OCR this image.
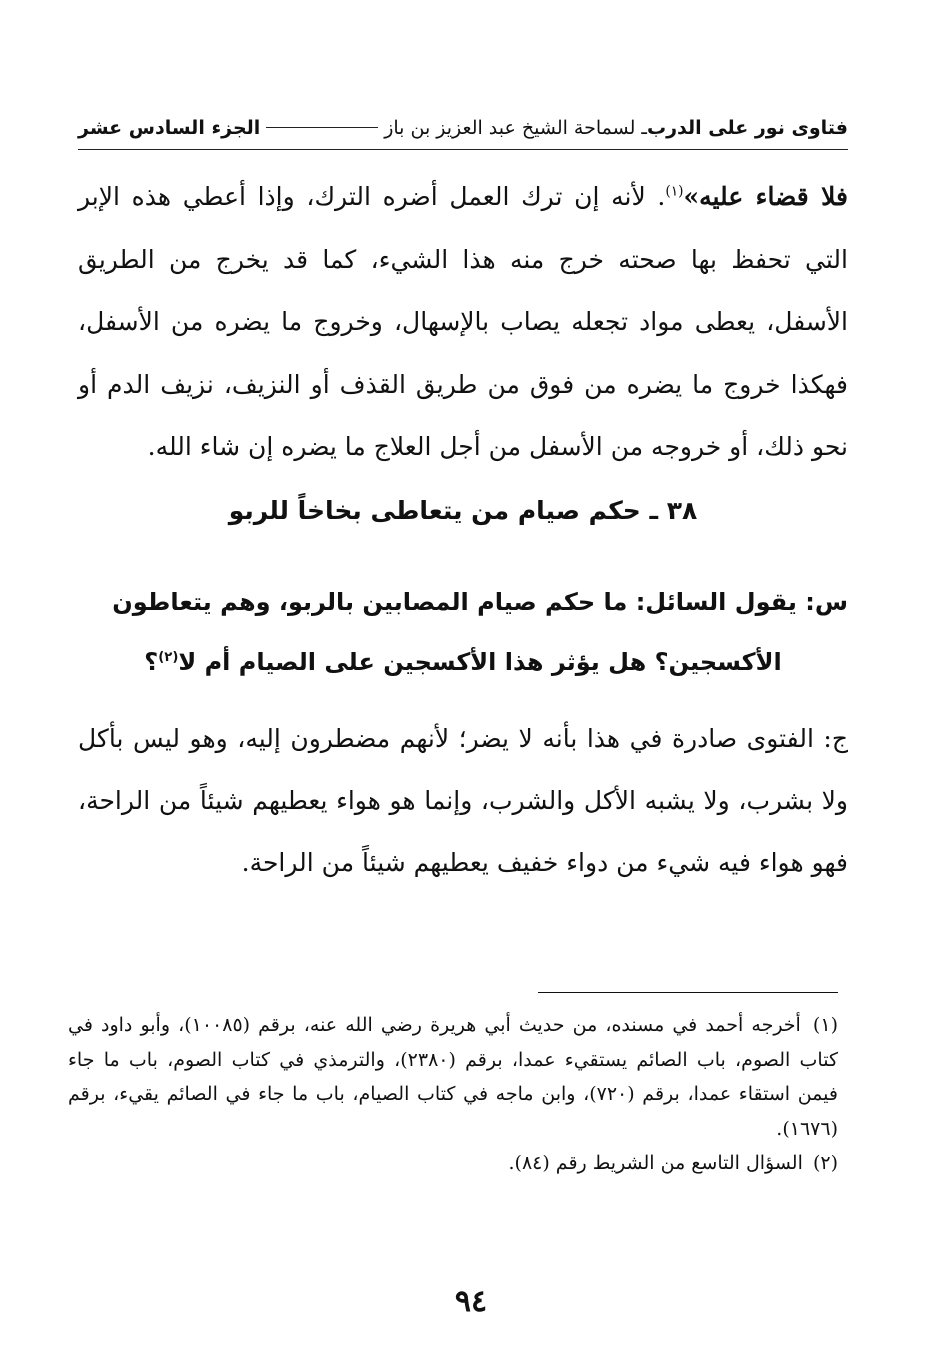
فتاوى نور على الدرب
ـ لسماحة الشيخ عبد العزيز بن باز
الجزء السادس عشر
فلا قضاء عليه»$^{(١)}$. لأنه إن ترك العمل أضره الترك، وإذا أعطي هذه الإبر التي تحفظ بها صحته خرج منه هذا الشيء، كما قد يخرج من الطريق الأسفل، يعطى مواد تجعله يصاب بالإسهال، وخروج ما يضره من الأسفل، فهكذا خروج ما يضره من فوق من طريق القذف أو النزيف، نزيف الدم أو نحو ذلك، أو خروجه من الأسفل من أجل العلاج ما يضره إن شاء الله.
٣٨ ـ حكم صيام من يتعاطى بخاخاً للربو
س: يقول السائل: ما حكم صيام المصابين بالربو، وهم يتعاطون
الأكسجين؟ هل يؤثر هذا الأكسجين على الصيام أم لا$^{(٢)}$؟
ج: الفتوى صادرة في هذا بأنه لا يضر؛ لأنهم مضطرون إليه، وهو ليس بأكل ولا بشرب، ولا يشبه الأكل والشرب، وإنما هو هواء يعطيهم شيئاً من الراحة، فهو هواء فيه شيء من دواء خفيف يعطيهم شيئاً من الراحة.

(١) أخرجه أحمد في مسنده، من حديث أبي هريرة رضي الله عنه، برقم (١٠٠٨٥)، وأبو داود في كتاب الصوم، باب الصائم يستقيء عمدا، برقم (٢٣٨٠)، والترمذي في كتاب الصوم، باب ما جاء فيمن استقاء عمدا، برقم (٧٢٠)، وابن ماجه في كتاب الصيام، باب ما جاء في الصائم يقيء، برقم (١٦٧٦).

(٢) السؤال التاسع من الشريط رقم (٨٤).

٩٤
